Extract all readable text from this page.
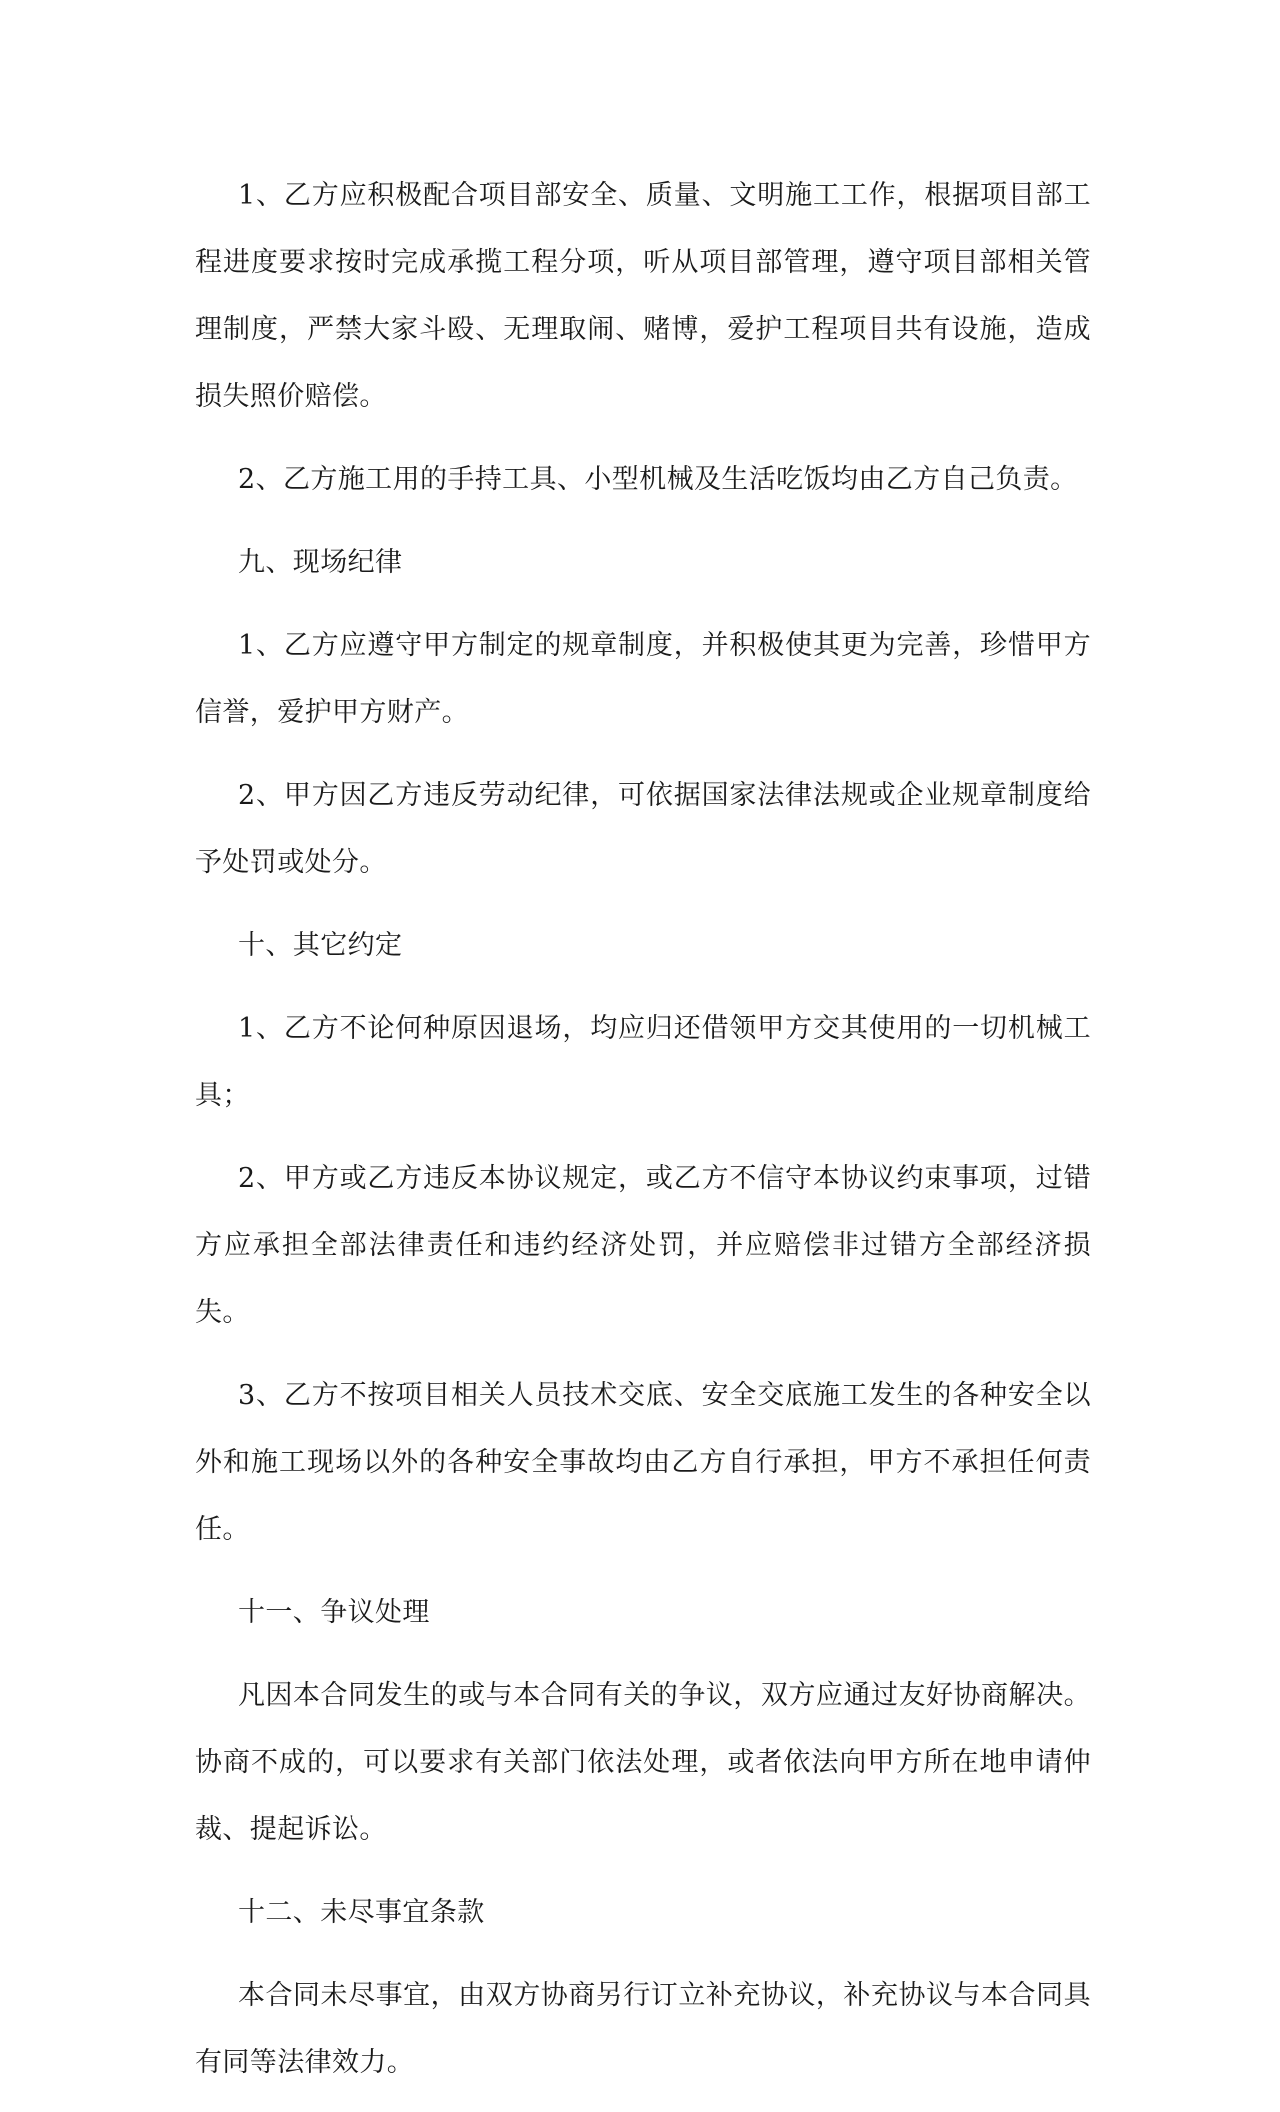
1、乙方应积极配合项目部安全、质量、文明施工工作，根据项目部工程进度要求按时完成承揽工程分项，听从项目部管理，遵守项目部相关管理制度，严禁大家斗殴、无理取闹、赌博，爱护工程项目共有设施，造成损失照价赔偿。

2、乙方施工用的手持工具、小型机械及生活吃饭均由乙方自己负责。

九、现场纪律

1、乙方应遵守甲方制定的规章制度，并积极使其更为完善，珍惜甲方信誉，爱护甲方财产。

2、甲方因乙方违反劳动纪律，可依据国家法律法规或企业规章制度给予处罚或处分。

十、其它约定

1、乙方不论何种原因退场，均应归还借领甲方交其使用的一切机械工具；

2、甲方或乙方违反本协议规定，或乙方不信守本协议约束事项，过错方应承担全部法律责任和违约经济处罚，并应赔偿非过错方全部经济损失。

3、乙方不按项目相关人员技术交底、安全交底施工发生的各种安全以外和施工现场以外的各种安全事故均由乙方自行承担，甲方不承担任何责任。

十一、争议处理

凡因本合同发生的或与本合同有关的争议，双方应通过友好协商解决。协商不成的，可以要求有关部门依法处理，或者依法向甲方所在地申请仲裁、提起诉讼。

十二、未尽事宜条款

本合同未尽事宜，由双方协商另行订立补充协议，补充协议与本合同具有同等法律效力。
